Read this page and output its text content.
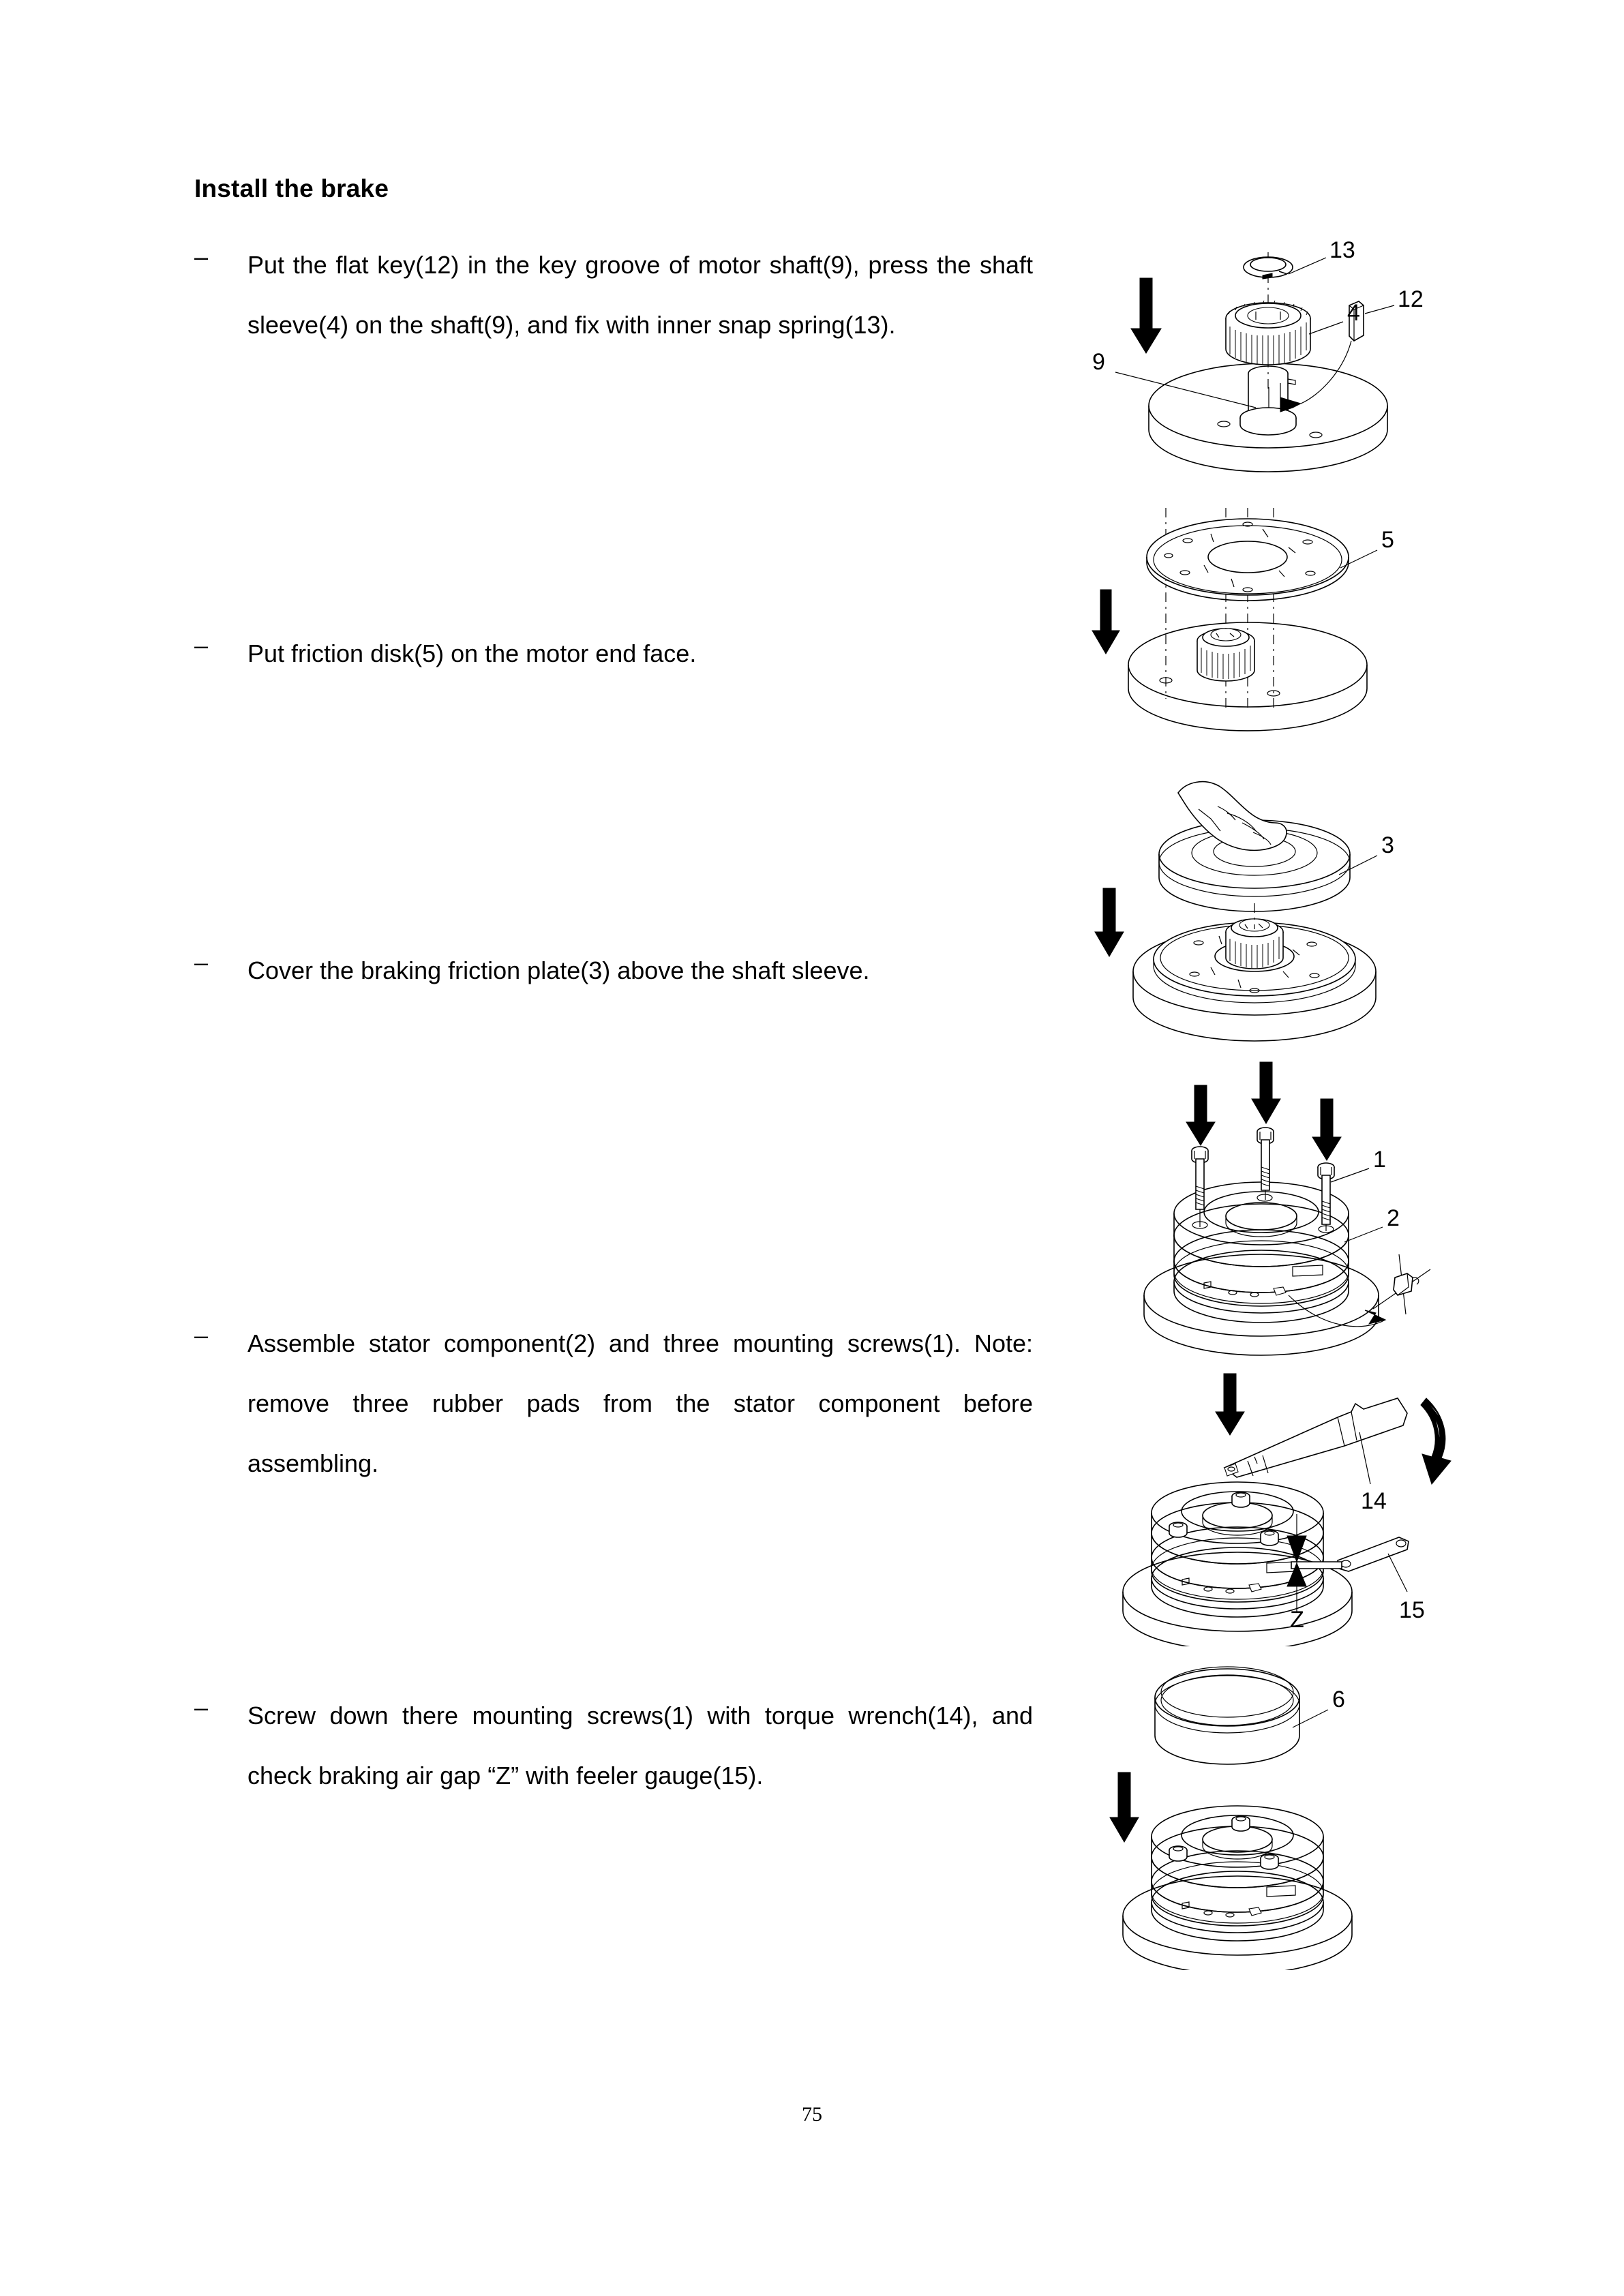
Install the brake
–	Put the flat key(12) in the key groove of motor shaft(9), press the shaft sleeve(4) on the shaft(9), and fix with inner snap spring(13).
–	Put friction disk(5) on the motor end face.
–	Cover the braking friction plate(3) above the shaft sleeve.
–	Assemble stator component(2) and three mounting screws(1). Note: remove three rubber pads from the stator component before assembling.
–	Screw down there mounting screws(1) with torque wrench(14), and check braking air gap “Z” with feeler gauge(15).
13
4
12
9
5
3
1
2
Z
14
15
6
75
